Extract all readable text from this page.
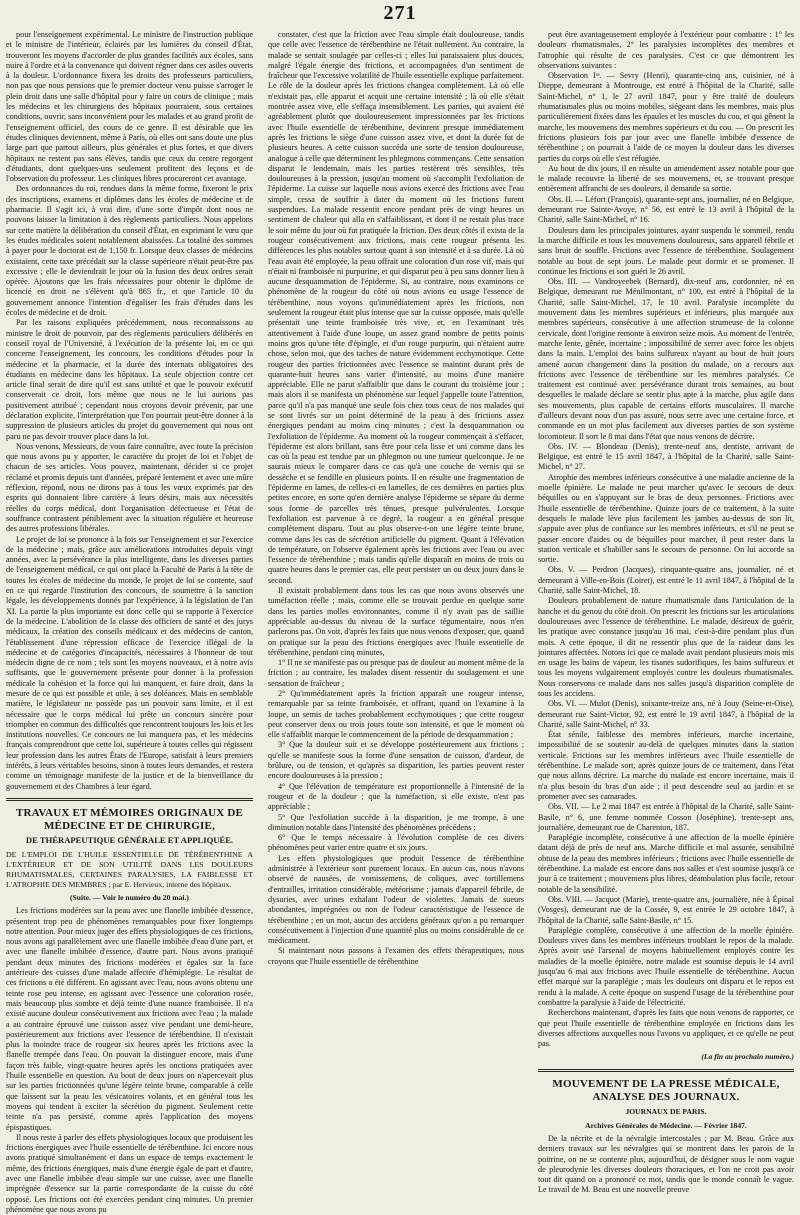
271

pour l'enseignement expérimental. Le ministre de l'instruction publique et le ministre de l'intérieur, éclairés par les lumières du conseil d'État, trouveront les moyens d'accorder de plus grandes facilités aux écoles, sans nuire à l'ordre et à la convenance qui doivent régner dans ces asiles ouverts à la douleur. L'ordonnance fixera les droits des professeurs particuliers, non pas que nous pensions que le premier docteur venu puisse s'arroger le plein droit dans une salle d'hôpital pour y faire un cours de clinique ; mais les médecins et les chirurgiens des hôpitaux pourraient, sous certaines conditions, ouvrir, sans inconvénient pour les malades et au grand profit de l'enseignement officiel, des cours de ce genre. Il est désirable que les études cliniques deviennent, même à Paris, où elles ont sans doute une plus large part que partout ailleurs, plus générales et plus fortes, et que divers hôpitaux ne restent pas sans élèves, tandis que ceux du centre regorgent d'étudiants, dont quelques-uns seulement profitent des leçons et de l'observation du professeur. Les cliniques libres procureront cet avantage.

Des ordonnances du roi, rendues dans la même forme, fixeront le prix des inscriptions, examens et diplômes dans les écoles de médecine et de pharmacie. Il s'agit ici, à vrai dire, d'une sorte d'impôt dont nous ne pouvons laisser la limitation à des règlements particuliers. Nous appelons sur cette matière la délibération du conseil d'État, en exprimant le vœu que les études médicales soient notablement abaissées. La totalité des sommes à payer pour le doctorat est de 1,150 fr. Lorsque deux classes de médecins existaient, cette taxe précédait sur la classe supérieure n'était peut-être pas excessive ; elle le deviendrait le jour où la fusion des deux ordres serait opérée. Ajoutons que les frais nécessaires pour obtenir le diplôme de licencié en droit ne s'élèvent qu'à 865 fr., et que l'article 10 du gouvernement annonce l'intention d'égaliser les frais d'études dans les écoles de médecine et de droit.

Par les raisons expliquées précédemment, nous reconnaissons au ministre le droit de pourvoir, par des règlements particuliers délibérés en conseil royal de l'Université, à l'exécution de la présente loi, en ce qui concerne l'enseignement, les concours, les conditions d'études pour la médecine et la pharmacie, et la durée des internats obligatoires des étudiants en médecine dans les hôpitaux. La seule objection contre cet article final serait de dire qu'il est sans utilité et que le pouvoir exécutif conserverait ce droit, lors même que nous ne le lui aurions pas positivement attribué ; cependant nous croyons devoir prévenir, par une déclaration explicite, l'interprétation que l'on pourrait peut-être donner à la suppression de plusieurs articles du projet du gouvernement qui nous ont paru ne pas devoir trouver place dans la loi.

Nous venons, Messieurs, de vous faire connaître, avec toute la précision que nous avons pu y apporter, le caractère du projet de loi et l'objet de chacun de ses articles. Vous pouvez, maintenant, décider si ce projet réclamé et promis depuis tant d'années, préparé lentement et avec une mûre réflexion, répond, nous ne dirons pas à tous les vœux exprimés par des esprits qui donnaient libre carrière à leurs désirs, mais aux nécessités réelles du corps médical, dont l'organisation défectueuse et l'état de souffrance contrastent péniblement avec la situation régulière et heureuse des autres professions libérales.

Le projet de loi se prononce à la fois sur l'enseignement et sur l'exercice de la médecine ; mais, grâce aux améliorations introduites depuis vingt années, avec la persévérance la plus intelligente, dans les diverses parties de l'enseignement médical, ce qui ont placé la Faculté de Paris à la tête de toutes les écoles de médecine du monde, le projet de loi se contente, sauf en ce qui regarde l'institution des concours, de soumettre à la sanction légale, les développements donnés par l'expérience, à la législation de l'an XI. La partie la plus importante est donc celle qui se rapporte à l'exercice de la médecine. L'abolition de la classe des officiers de santé et des jurys médicaux, la création des conseils médicaux et des médecins de canton, l'établissement d'une répression efficace de l'exercice illégal de la médecine et de catégories d'incapacités, nécessaires à l'honneur de tout médecin digne de ce nom ; tels sont les moyens nouveaux, et à notre avis suffisants, que le gouvernement présente pour donner à la profession médicale la cohésion et la force qui lui manquent, et faire droit, dans la mesure de ce qui est possible et utile, à ses doléances. Mais en semblable matière, le législateur ne possède pas un pouvoir sans limite, et il est nécessaire que le corps médical lui prête un concours sincère pour triompher en commun des difficultés que rencontrent toujours les lois et les institutions nouvelles. Ce concours ne lui manquera pas, et les médecins français comprendront que cette loi, supérieure à toutes celles qui régissent leur profession dans les autres États de l'Europe, satisfait à leurs premiers intérêts, à leurs véritables besoins, sinon à toutes leurs demandes, et restera comme un témoignage manifeste de la justice et de la bienveillance du gouvernement et des Chambres à leur égard.

TRAVAUX ET MÉMOIRES ORIGINAUX DE MÉDECINE ET DE CHIRURGIE,
DE THÉRAPEUTIQUE GÉNÉRALE ET APPLIQUÉE.

DE L'EMPLOI DE L'HUILE ESSENTIELLE DE TÉRÉBENTHINE A L'EXTÉRIEUR ET DE SON UTILITÉ DANS LES DOULEURS RHUMATISMALES, CERTAINES PARALYSIES, LA FAIBLESSE ET L'ATROPHIE DES MEMBRES ; par E. Hervieux, interne des hôpitaux.

(Suite. — Voir le numéro du 20 mai.)

Les frictions modérées sur la peau avec une flanelle imbibée d'essence, présentent trop peu de phénomènes remarquables pour fixer longtemps notre attention. Pour mieux juger des effets physiologiques de ces frictions, nous avons agi parallèlement avec une flanelle imbibée d'eau d'une part, et avec une flanelle imbibée d'essence, d'autre part. Nous avons pratiqué pendant deux minutes des frictions modérées et égales sur la face antérieure des cuisses d'une malade affectée d'hémiplégie. Le résultat de ces frictions a été différent. En agissant avec l'eau, nous avons obtenu une teinte rose peu intense, en agissant avec l'essence une coloration rosée, mais beaucoup plus sombre et déjà teinte d'une nuance framboisée. Il n'a existé aucune douleur consécutivement aux frictions avec l'eau ; la malade a au contraire éprouvé une cuisson assez vive pendant une demi-heure, postérieurement aux frictions avec l'essence de térébenthine. Il n'existait plus la moindre trace de rougeur six heures après les frictions avec la flanelle trempée dans l'eau. On pouvait la distinguer encore, mais d'une façon très faible, vingt-quatre heures après les onctions pratiquées avec l'huile essentielle en question. Au bout de deux jours on n'apercevait plus sur les parties frictionnées qu'une légère teinte brune, comparable à celle que laissent sur la peau les vésicatoires volants, et en général tous les moyens qui tendent à exciter la sécrétion du pigment. Seulement cette teinte n'a pas persisté, comme après l'application des moyens épispastiques.

Il nous reste à parler des effets physiologiques locaux que produisent les frictions énergiques avec l'huile essentielle de térébenthine. Ici encore nous avons pratiqué simultanément et dans un espace de temps exactement le même, des frictions énergiques, mais d'une énergie égale de part et d'autre, avec une flanelle imbibée d'eau simple sur une cuisse, avec une flanelle imprégnée d'essence sur la partie correspondante de la cuisse du côté opposé. Les frictions ont été exercées pendant cinq minutes. Un premier phénomène que nous avons pu

constater, c'est que la friction avec l'eau simple était douloureuse, tandis que celle avec l'essence de térébenthine ne l'était nullement. Au contraire, la malade se sentait soulagée par celles-ci ; elles lui paraissaient plus douces, malgré l'égale énergie des frictions, et accompagnées d'un sentiment de fraîcheur que l'excessive volatilité de l'huile essentielle explique parfaitement. Le rôle de la douleur après les frictions changea complètement. Là où elle n'existait pas, elle apparut et acquit une certaine intensité ; là où elle s'était montrée assez vive, elle s'effaça insensiblement. Les parties, qui avaient été agréablement plutôt que douloureusement impressionnées par les frictions avec l'huile essentielle de térébenthine, devinrent presque immédiatement après les frictions le siège d'une cuisson assez vive, et dont la durée fut de plusieurs heures. A cette cuisson succéda une sorte de tension douloureuse, analogue à celle que déterminent les phlegmons commençans. Cette sensation disparut le lendemain, mais les parties restèrent très sensibles, très douloureuses à la pression, jusqu'au moment où s'accomplit l'exfoliation de l'épiderme. La cuisse sur laquelle nous avions exercé des frictions avec l'eau simple, cessa de souffrir à dater du moment où les frictions furent suspendues. La malade ressentit encore pendant près de vingt heures un sentiment de chaleur qui alla en s'affaiblissant, et dont il ne restait plus trace le soir même du jour où fut pratiquée la friction. Des deux côtés il exista de la rougeur consécutivement aux frictions, mais cette rougeur présenta les différences les plus notables surtout quant à son intensité et à sa durée. Là où l'eau avait été employée, la peau offrait une coloration d'un rose vif, mais qui n'était ni framboisée ni purpurine, et qui disparut peu à peu sans donner lieu à aucune desquammation de l'épiderme. Si, au contraire, nous examinons ce phénomène de la rougeur du côté où nous avions eu usage l'essence de térébenthine, nous voyons qu'immédiatement après les frictions, non seulement la rougeur était plus intense que sur la cuisse opposée, mais qu'elle présentait une teinte framboisée très vive, et, en l'examinant très attentivement à l'aide d'une loupe, un assez grand nombre de petits points moins gros qu'une tête d'épingle, et d'un rouge purpurin, qui n'étaient autre chose, selon moi, que des taches de nature évidemment ecchymotique. Cette rougeur des parties frictionnées avec l'essence se maintint durant près de quarante-huit heures sans varier d'intensité, au moins d'une manière appréciable. Elle ne parut s'affaiblir que dans le courant du troisième jour ; mais alors il se manifesta un phénomène sur lequel j'appelle toute l'attention, parce qu'il n'a pas manqué une seule fois chez tous ceux de nos malades qui se sont livrés sur un point déterminé de la peau à des frictions assez énergiques pendant au moins cinq minutes ; c'est la desquammation ou l'exfoliation de l'épiderme. Au moment où la rougeur commençait à s'effacer, l'épiderme est alors brillant, sans être pour cela lisse et uni comme dans les cas où la peau est tendue par un phlegmon ou une tumeur quelconque. Je ne saurais mieux le comparer dans ce cas qu'à une couche de vernis qui se dessèche et se fendille en plusieurs points. Il en résulte une fragmentation de l'épiderme en lames, de celles-ci en lamelles, de ces dernières en parties plus petites encore, en sorte qu'en dernière analyse l'épiderme se sépare du derme sous forme de parcelles très ténues, presque pulvérulentes. Lorsque l'exfoliation est parvenue à ce degré, la rougeur a en général presque complètement disparu. Tout au plus observe-t-on une légère teinte brune, comme dans les cas de sécrétion artificielle du pigment. Quant à l'élévation de température, on l'observe également après les frictions avec l'eau ou avec l'essence de térébenthine ; mais tandis qu'elle disparaît en moins de trois ou quatre heures dans le premier cas, elle peut persister un ou deux jours dans le second.

Il existait probablement dans tous les cas que nous avons observés une tuméfaction réelle ; mais, comme elle se trouvait perdue en quelque sorte dans les parties molles environnantes, comme il n'y avait pas de saillie appréciable au-dessus du niveau de la surface tégumentaire, nous n'en parlerons pas. On voit, d'après les faits que nous venons d'exposer, que, quand on pratique sur la peau des frictions énergiques avec l'huile essentielle de térébenthine, pendant cinq minutes,

1° Il ne se manifeste pas ou presque pas de douleur au moment même de la friction ; au contraire, les malades disent ressentir du soulagement et une sensation de fraîcheur ;

2° Qu'immédiatement après la friction apparaît une rougeur intense, remarquable par sa teinte framboisée, et offrant, quand on l'examine à la loupe, un semis de taches probablement ecchymotiques ; que cette rougeur peut conserver deux ou trois jours toute son intensité, et que le moment où elle s'affaiblit marque le commencement de la période de desquammation ;

3° Que la douleur suit et se développe postérieurement aux frictions ; qu'elle se manifeste sous la forme d'une sensation de cuisson, d'ardeur, de brûlure, ou de tension, et qu'après sa disparition, les parties peuvent rester encore douloureuses à la pression ;

4° Que l'élévation de température est proportionnelle à l'intensité de la rougeur et de la douleur ; que la tuméfaction, si elle existe, n'est pas appréciable ;

5° Que l'exfoliation succède à la disparition, je me trompe, à une diminution notable dans l'intensité des phénomènes précédens ;

6° Que le temps nécessaire à l'évolution complète de ces divers phénomènes peut varier entre quatre et six jours.

Les effets physiologiques que produit l'essence de térébenthine administrée à l'extérieur sont purement locaux. En aucun cas, nous n'avons observé de nausées, de vomissemens, de coliques, avec tortillemens d'entrailles, irritation considérable, météorisme ; jamais d'appareil fébrile, de dysuries, avec urines exhalant l'odeur de violettes. Jamais de sueurs abondantes, imprégnées ou non de l'odeur caractéristique de l'essence de térébenthine ; en un mot, aucun des accidens généraux qu'on a pu remarquer consécutivement à l'injection d'une quantité plus ou moins considérable de ce médicament.

Si maintenant nous passons à l'examen des effets thérapeutiques, nous croyons que l'huile essentielle de térébenthine

peut être avantageusement employée à l'extérieur pour combattre : 1° les douleurs rhumatismales, 2° les paralysies incomplètes des membres et l'atrophie qui résulte de ces paralysies. C'est ce que démontrent les observations suivantes :

Observation Iʳᵉ. — Sevry (Henri), quarante-cinq ans, cuisinier, né à Dieppe, demeurant à Montrouge, est entré à l'hôpital de la Charité, salle Saint-Michel, n° 1, le 27 avril 1847, pour y être traité de douleurs rhumatismales plus ou moins mobiles, siégeant dans les membres, mais plus particulièrement fixées dans les épaules et les muscles du cou, et qui gênent la marche, les mouvemens des membres supérieurs et du cou. — On prescrit les frictions plusieurs fois par jour avec une flanelle imbibée d'essence de térébenthine ; on pourrait à l'aide de ce moyen la douleur dans les diverses parties du corps où elle s'est réfugiée.

Au bout de dix jours, il en résulte un amendement assez notable pour que le malade recouvre la liberté de ses mouvemens, et, se trouvant presque entièrement affranchi de ses douleurs, il demande sa sortie.

Obs. II. — Léfort (François), quarante-sept ans, journalier, né en Belgique, demeurant rue Sainte-Avoye, n° 56, est entré le 13 avril à l'hôpital de la Charité, salle Saint-Michel, n° 16.

Douleurs dans les principales jointures, ayant suspendu le sommeil, rendu la marche difficile et tous les mouvemens douloureux, sans appareil fébrile et sans bruit de souffle. Frictions avec l'essence de térébenthine. Soulagement notable au bout de sept jours. Le malade peut dormir et se promener. Il continue les frictions et sort guéri le 26 avril.

Obs. III. — Vandroyeebek (Bernard), dix-neuf ans, cordonnier, né en Belgique, demeurant rue Ménilmontant, n° 100, est entré à l'hôpital de la Charité, salle Saint-Michel, 17, le 10 avril. Paralysie incomplète du mouvement dans les membres supérieurs et inférieurs, plus marquée aux membres supérieurs, consécutive à une affection strumeuse de la colonne cervicale, dont l'origine remonte à environ seize mois. Au moment de l'entrée, marche lente, gênée, incertaine ; impossibilité de serrer avec force les objets dans la main. L'emploi des bains sulfureux n'ayant au bout de huit jours amené aucun changement dans la position du malade, on a recours aux frictions avec l'essence de térébenthine sur les membres paralysés. Ce traitement est continué avec persévérance durant trois semaines, au bout desquelles le malade déclare se sentir plus apte à la marche, plus agile dans ses mouvements, plus capable de certains efforts musculaires. Il marche d'ailleurs devant nous d'un pas assuré, nous serre avec une certaine force, et commande en un mot plus facilement aux diverses parties de son système locomoteur. Il sort le 8 mai dans l'état que nous venons de décrire.

Obs. IV. — Blondeau (Denis), trente-neuf ans, dentiste, arrivant de Belgique, est entré le 15 avril 1847, à l'hôpital de la Charité, salle Saint-Michel, n° 27.

Atrophie des membres inférieurs consécutive à une maladie ancienne de la moelle épinière. Le malade ne peut marcher qu'avec le secours de deux béquilles ou en s'appuyant sur le bras de deux personnes. Frictions avec l'huile essentielle de térébenthine. Quinze jours de ce traitement, à la suite desquels le malade lève plus facilement les jambes au-dessus de son lit, s'appuie avec plus de confiance sur les membres inférieurs, et s'il ne peut se passer encore d'aides ou de béquilles pour marcher, il peut rester dans la station verticale et s'habiller sans le secours de personne. On lui accorde sa sortie.

Obs. V. — Perdron (Jacques), cinquante-quatre ans, journalier, né et demeurant à Ville-en-Bois (Loiret), est entré le 11 avril 1847, à l'hôpital de la Charité, salle Saint-Michel, 18.

Douleurs probablement de nature rhumatismale dans l'articulation de la hanche et du genou du côté droit. On prescrit les frictions sur les articulations douloureuses avec l'essence de térébenthine. Le malade, désireux de guérir, les pratique avec constance jusqu'au 16 mai, c'est-à-dire pendant plus d'un mois. A cette époque, il dit ne ressentir plus que de la raideur dans les jointures affectées. Notons ici que ce malade avait pendant plusieurs mois mis en usage les bains de vapeur, les tisanes sudorifiques, les bains sulfureux et tous les moyens vulgairement employés contre les douleurs rhumatismales. Nous conservons ce malade dans nos salles jusqu'à disparition complète de tous les accidens.

Obs. VI. — Mulot (Denis), soixante-treize ans, né à Jouy (Seine-et-Oise), demeurant rue Saint-Victor, 92, est entré le 19 avril 1847, à l'hôpital de la Charité, salle Saint-Michel, n° 33.

État sénile, faiblesse des membres inférieurs, marche incertaine, impossibilité de se soutenir au-delà de quelques minutes dans la station verticale. Frictions sur les membres inférieurs avec l'huile essentielle de térébenthine. Le malade sort, après quinze jours de ce traitement, dans l'état que nous allons décrire. La marche du malade est encore incertaine, mais il n'a plus besoin du bras d'un aide ; il peut descendre seul au jardin et se promener avec ses camarades.

Obs. VII. — Le 2 mai 1847 est entrée à l'hôpital de la Charité, salle Saint-Basile, n° 6, une femme nommée Cosson (Joséphine), trente-sept ans, journalière, demeurant rue de Charenton, 187.

Paraplégie incomplète, consécutive à une affection de la moelle épinière datant déjà de près de neuf ans. Marche difficile et mal assurée, sensibilité obtuse de la peau des membres inférieurs ; frictions avec l'huile essentielle de térébenthine. La malade est encore dans nos salles et s'est soumise jusqu'à ce jour à ce traitement ; mouvemens plus libres, déambulation plus facile, retour notable de la sensibilité.

Obs. VIII. — Jacquot (Marie), trente-quatre ans, journalière, née à Épinal (Vosges), demeurant rue de la Cossée, 9, est entrée le 29 octobre 1847, à l'hôpital de la Charité, salle Saint-Basile, n° 15.

Paraplégie complète, consécutive à une affection de la moelle épinière. Douleurs vives dans les membres inférieurs troublant le repos de la malade. Après avoir usé l'arsenal de moyens habituellement employés contre les maladies de la moelle épinière, notre malade est soumise depuis le 14 avril jusqu'au 6 mai aux frictions avec l'huile essentielle de térébenthine. Aucun effet marqué sur la paraplégie ; mais les douleurs ont disparu et le repos est rendu à la malade. A cette époque on suspend l'usage de la térébenthine pour combattre la paralysie à l'aide de l'électricité.

Recherchons maintenant, d'après les faits que nous venons de rapporter, ce que peut l'huile essentielle de térébenthine employée en frictions dans les diverses affections auxquelles nous l'avons vu appliquer, et ce qu'elle ne peut pas.

(La fin au prochain numéro.)
MOUVEMENT DE LA PRESSE MÉDICALE, ANALYSE DES JOURNAUX.
JOURNAUX DE PARIS.
Archives Générales de Médecine. — Février 1847.

De la nécrite et de la névralgie intercostales ; par M. Beau. Grâce aux derniers travaux sur les névralgies qui se montrent dans les parois de la poitrine, on ne se contente plus, aujourd'hui, de désigner sous le nom vague de pleurodynie les diverses douleurs thoraciques, et l'on ne croit pas avoir tout dit quand on a prononcé ce mot, tandis que le monde connaît le vague. Le travail de M. Beau est une nouvelle preuve
